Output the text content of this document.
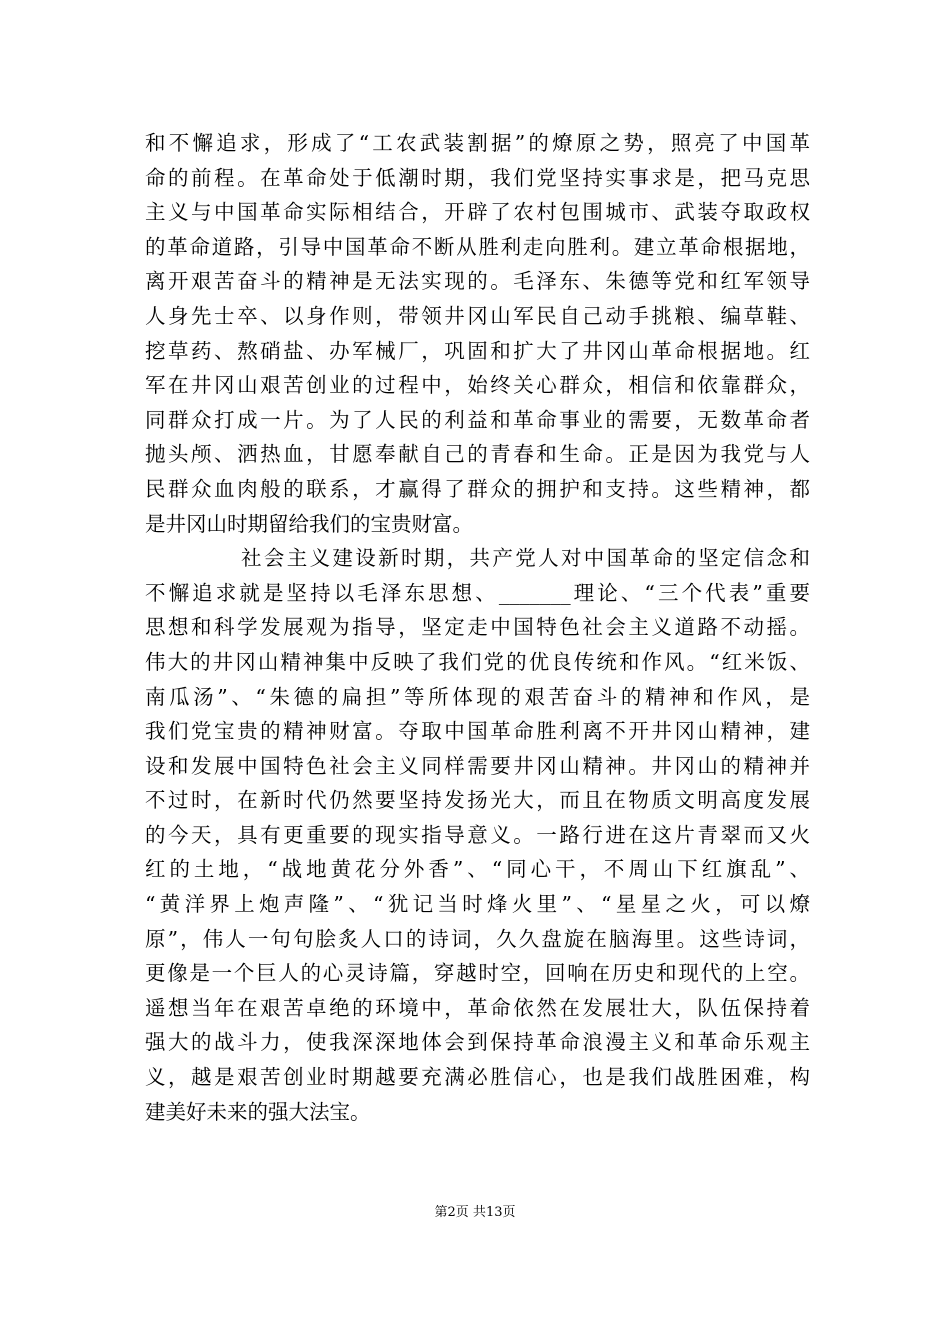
和不懈追求，形成了“工农武装割据”的燎原之势，照亮了中国革
命的前程。在革命处于低潮时期，我们党坚持实事求是，把马克思
主义与中国革命实际相结合，开辟了农村包围城市、武装夺取政权
的革命道路，引导中国革命不断从胜利走向胜利。建立革命根据地，
离开艰苦奋斗的精神是无法实现的。毛泽东、朱德等党和红军领导
人身先士卒、以身作则，带领井冈山军民自己动手挑粮、编草鞋、
挖草药、熬硝盐、办军械厂，巩固和扩大了井冈山革命根据地。红
军在井冈山艰苦创业的过程中，始终关心群众，相信和依靠群众，
同群众打成一片。为了人民的利益和革命事业的需要，无数革命者
抛头颅、洒热血，甘愿奉献自己的青春和生命。正是因为我党与人
民群众血肉般的联系，才赢得了群众的拥护和支持。这些精神，都
是井冈山时期留给我们的宝贵财富。
社会主义建设新时期，共产党人对中国革命的坚定信念和
不懈追求就是坚持以毛泽东思想、_______理论、“三个代表”重要
思想和科学发展观为指导，坚定走中国特色社会主义道路不动摇。
伟大的井冈山精神集中反映了我们党的优良传统和作风。“红米饭、
南瓜汤”、“朱德的扁担”等所体现的艰苦奋斗的精神和作风，是
我们党宝贵的精神财富。夺取中国革命胜利离不开井冈山精神，建
设和发展中国特色社会主义同样需要井冈山精神。井冈山的精神并
不过时，在新时代仍然要坚持发扬光大，而且在物质文明高度发展
的今天，具有更重要的现实指导意义。一路行进在这片青翠而又火
红的土地，“战地黄花分外香”、“同心干，不周山下红旗乱”、
“黄洋界上炮声隆”、“犹记当时烽火里”、“星星之火，可以燎
原”，伟人一句句脍炙人口的诗词，久久盘旋在脑海里。这些诗词，
更像是一个巨人的心灵诗篇，穿越时空，回响在历史和现代的上空。
遥想当年在艰苦卓绝的环境中，革命依然在发展壮大，队伍保持着
强大的战斗力，使我深深地体会到保持革命浪漫主义和革命乐观主
义，越是艰苦创业时期越要充满必胜信心，也是我们战胜困难，构
建美好未来的强大法宝。
第2页 共13页
